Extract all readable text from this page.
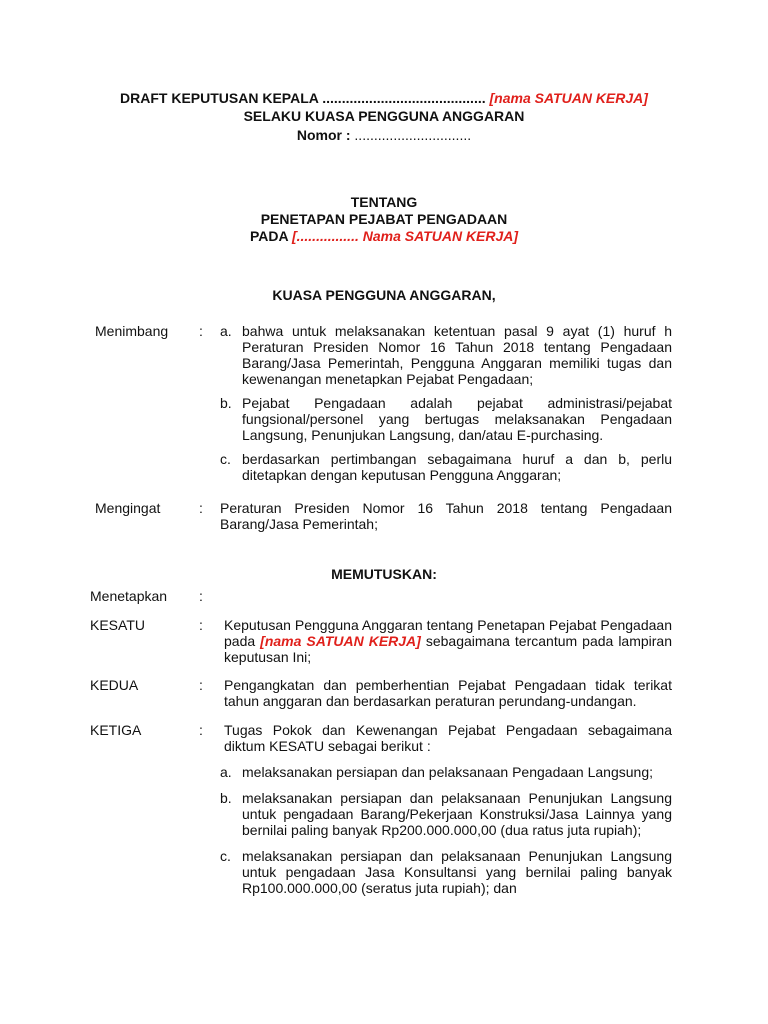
DRAFT KEPUTUSAN KEPALA .......................................... [nama SATUAN KERJA]
SELAKU KUASA PENGGUNA ANGGARAN
Nomor : ..............................
TENTANG
PENETAPAN PEJABAT PENGADAAN
PADA [................ Nama SATUAN KERJA]
KUASA PENGGUNA ANGGARAN,
Menimbang : a. bahwa untuk melaksanakan ketentuan pasal 9 ayat (1) huruf h Peraturan Presiden Nomor 16 Tahun 2018 tentang Pengadaan Barang/Jasa Pemerintah, Pengguna Anggaran memiliki tugas dan kewenangan menetapkan Pejabat Pengadaan;
b. Pejabat Pengadaan adalah pejabat administrasi/pejabat fungsional/personel yang bertugas melaksanakan Pengadaan Langsung, Penunjukan Langsung, dan/atau E-purchasing.
c. berdasarkan pertimbangan sebagaimana huruf a dan b, perlu ditetapkan dengan keputusan Pengguna Anggaran;
Mengingat	: Peraturan Presiden Nomor 16 Tahun 2018 tentang Pengadaan Barang/Jasa Pemerintah;
MEMUTUSKAN:
Menetapkan :
KESATU	: Keputusan Pengguna Anggaran tentang Penetapan Pejabat Pengadaan pada [nama SATUAN KERJA] sebagaimana tercantum pada lampiran keputusan Ini;
KEDUA	: Pengangkatan dan pemberhentian Pejabat Pengadaan tidak terikat tahun anggaran dan berdasarkan peraturan perundang-undangan.
KETIGA	: Tugas Pokok dan Kewenangan Pejabat Pengadaan sebagaimana diktum KESATU sebagai berikut :
a. melaksanakan persiapan dan pelaksanaan Pengadaan Langsung;
b. melaksanakan persiapan dan pelaksanaan Penunjukan Langsung untuk pengadaan Barang/Pekerjaan Konstruksi/Jasa Lainnya yang bernilai paling banyak Rp200.000.000,00 (dua ratus juta rupiah);
c. melaksanakan persiapan dan pelaksanaan Penunjukan Langsung untuk pengadaan Jasa Konsultansi yang bernilai paling banyak Rp100.000.000,00 (seratus juta rupiah); dan
